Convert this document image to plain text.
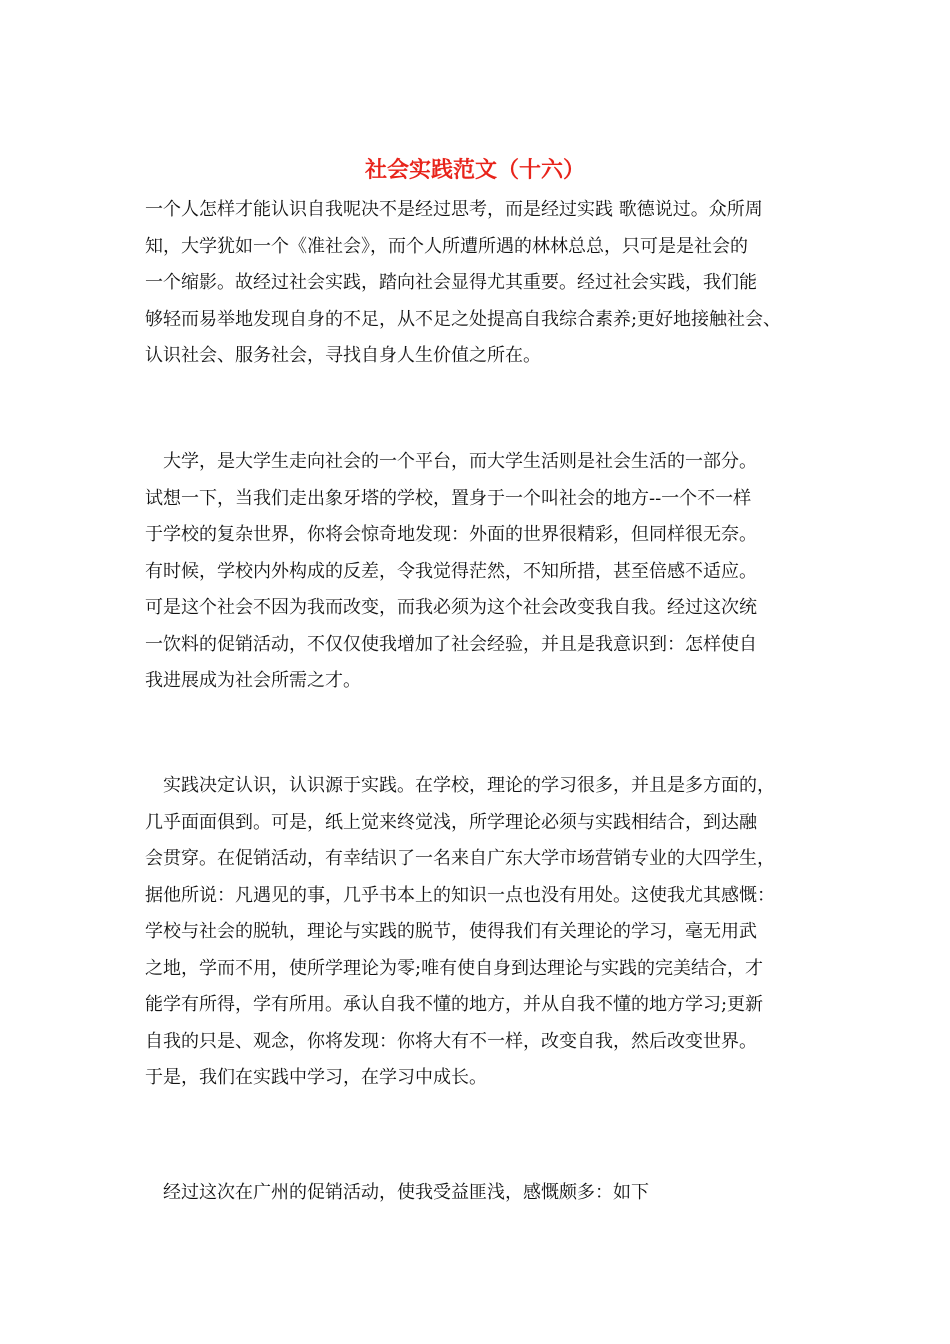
社会实践范文（十六）
一个人怎样才能认识自我呢决不是经过思考，而是经过实践 歌德说过。众所周
知，大学犹如一个《准社会》，而个人所遭所遇的林林总总，只可是是社会的
一个缩影。故经过社会实践，踏向社会显得尤其重要。经过社会实践，我们能
够轻而易举地发现自身的不足，从不足之处提高自我综合素养;更好地接触社会、
认识社会、服务社会，寻找自身人生价值之所在。
　大学，是大学生走向社会的一个平台，而大学生活则是社会生活的一部分。
试想一下，当我们走出象牙塔的学校，置身于一个叫社会的地方--一个不一样
于学校的复杂世界，你将会惊奇地发现：外面的世界很精彩，但同样很无奈。
有时候，学校内外构成的反差，令我觉得茫然，不知所措，甚至倍感不适应。
可是这个社会不因为我而改变，而我必须为这个社会改变我自我。经过这次统
一饮料的促销活动，不仅仅使我增加了社会经验，并且是我意识到：怎样使自
我进展成为社会所需之才。
　实践决定认识，认识源于实践。在学校，理论的学习很多，并且是多方面的，
几乎面面俱到。可是，纸上觉来终觉浅，所学理论必须与实践相结合，到达融
会贯穿。在促销活动，有幸结识了一名来自广东大学市场营销专业的大四学生，
据他所说：凡遇见的事，几乎书本上的知识一点也没有用处。这使我尤其感慨：
学校与社会的脱轨，理论与实践的脱节，使得我们有关理论的学习，毫无用武
之地，学而不用，使所学理论为零;唯有使自身到达理论与实践的完美结合，才
能学有所得，学有所用。承认自我不懂的地方，并从自我不懂的地方学习;更新
自我的只是、观念，你将发现：你将大有不一样，改变自我，然后改变世界。
于是，我们在实践中学习，在学习中成长。
　经过这次在广州的促销活动，使我受益匪浅，感慨颇多：如下
